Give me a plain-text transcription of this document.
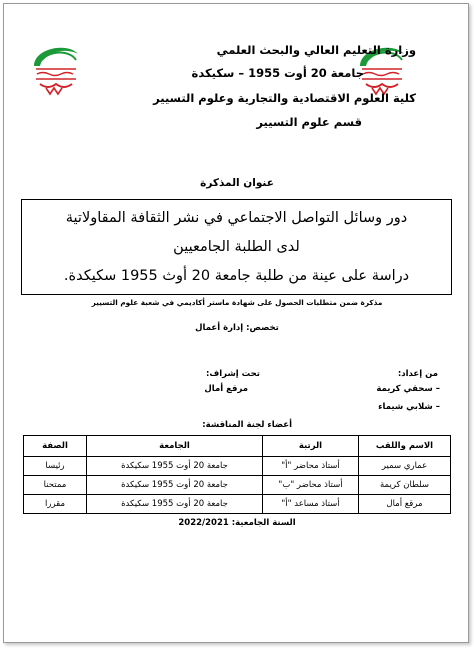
وزارة التعليم العالي والبحث العلمي
جامعة 20 أوت 1955 – سكيكدة
كلية العلوم الاقتصادية والتجارية وعلوم التسيير
قسم علوم التسيير
عنوان المذكرة
دور وسائل التواصل الاجتماعي في نشر الثقافة المقاولاتية
لدى الطلبة الجامعيين
دراسة على عينة من طلبة جامعة 20 أوث 1955 سكيكدة.
مذكرة ضمن متطلبات الحصول على شهادة ماستر أكاديمي في شعبة علوم التسيير
تخصص: إدارة أعمال
من إعداد:
– سحقي كريمة
– شلابي شيماء
تحت إشراف:
مرقع أمال
أعضاء لجنة المناقشة:
الاسم واللقب	الرتبة	الجامعة	الصفة
عماري سمير	أستاذ محاضر "أ"	جامعة 20 أوت 1955 سكيكدة	رئيسا
سلطان كريمة	أستاذ محاضر "ب"	جامعة 20 أوت 1955 سكيكدة	ممتحنا
مرقع أمال	أستاذ مساعد "أ"	جامعة 20 أوت 1955 سكيكدة	مقررا
السنة الجامعية: 2022/2021
